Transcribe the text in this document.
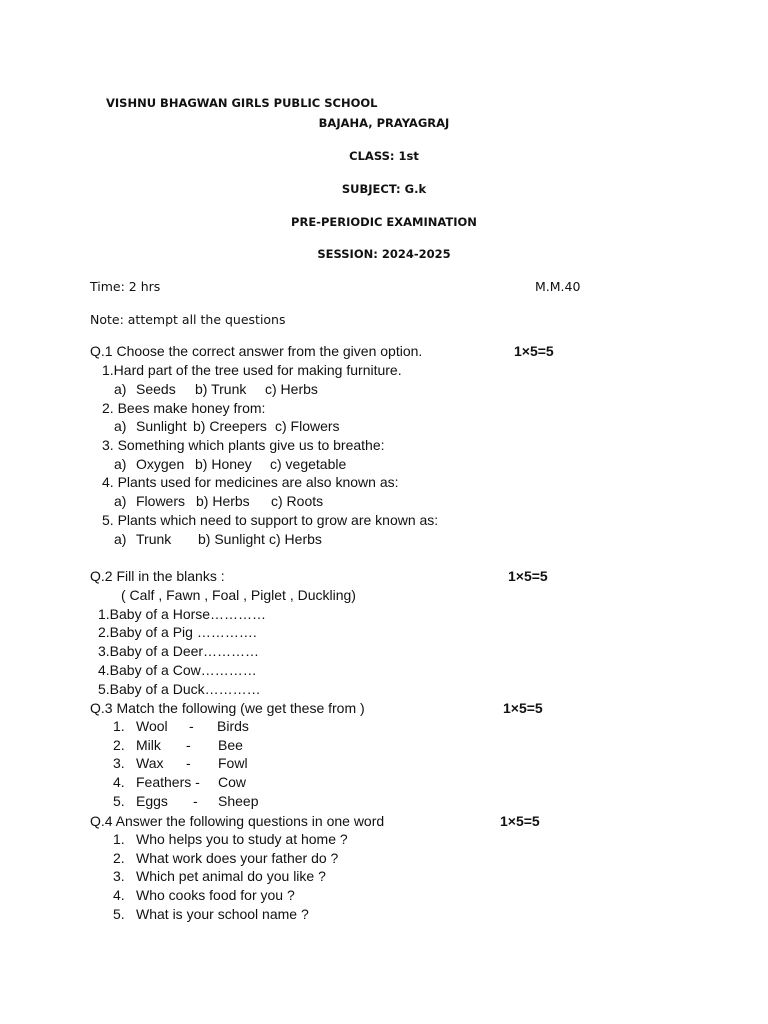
VISHNU BHAGWAN GIRLS PUBLIC SCHOOL
BAJAHA, PRAYAGRAJ
CLASS: 1st
SUBJECT: G.k
PRE-PERIODIC EXAMINATION
SESSION: 2024-2025
Time: 2 hrs	M.M.40
Note: attempt all the questions
Q.1 Choose the correct answer from the given option.	1×5=5
1.Hard part of the tree used for making furniture.
a) Seeds b) Trunk c) Herbs
2. Bees make honey from:
a) Sunlight b) Creepers c) Flowers
3. Something which plants give us to breathe:
a) Oxygen b) Honey c) vegetable
4. Plants used for medicines are also known as:
a) Flowers b) Herbs c) Roots
5. Plants which need to support to grow are known as:
a) Trunk b) Sunlight c) Herbs
Q.2 Fill in the blanks :	1×5=5
( Calf , Fawn , Foal , Piglet , Duckling)
1.Baby of a Horse…………
2.Baby of a Pig ………….
3.Baby of a Deer…………
4.Baby of a Cow…………
5.Baby of a Duck…………
Q.3 Match the following (we get these from )	1×5=5
1. Wool - Birds
2. Milk - Bee
3. Wax - Fowl
4. Feathers - Cow
5. Eggs - Sheep
Q.4 Answer the following questions in one word	1×5=5
1. Who helps you to study at home ?
2. What work does your father do ?
3. Which pet animal do you like ?
4. Who cooks food for you ?
5. What is your school name ?
